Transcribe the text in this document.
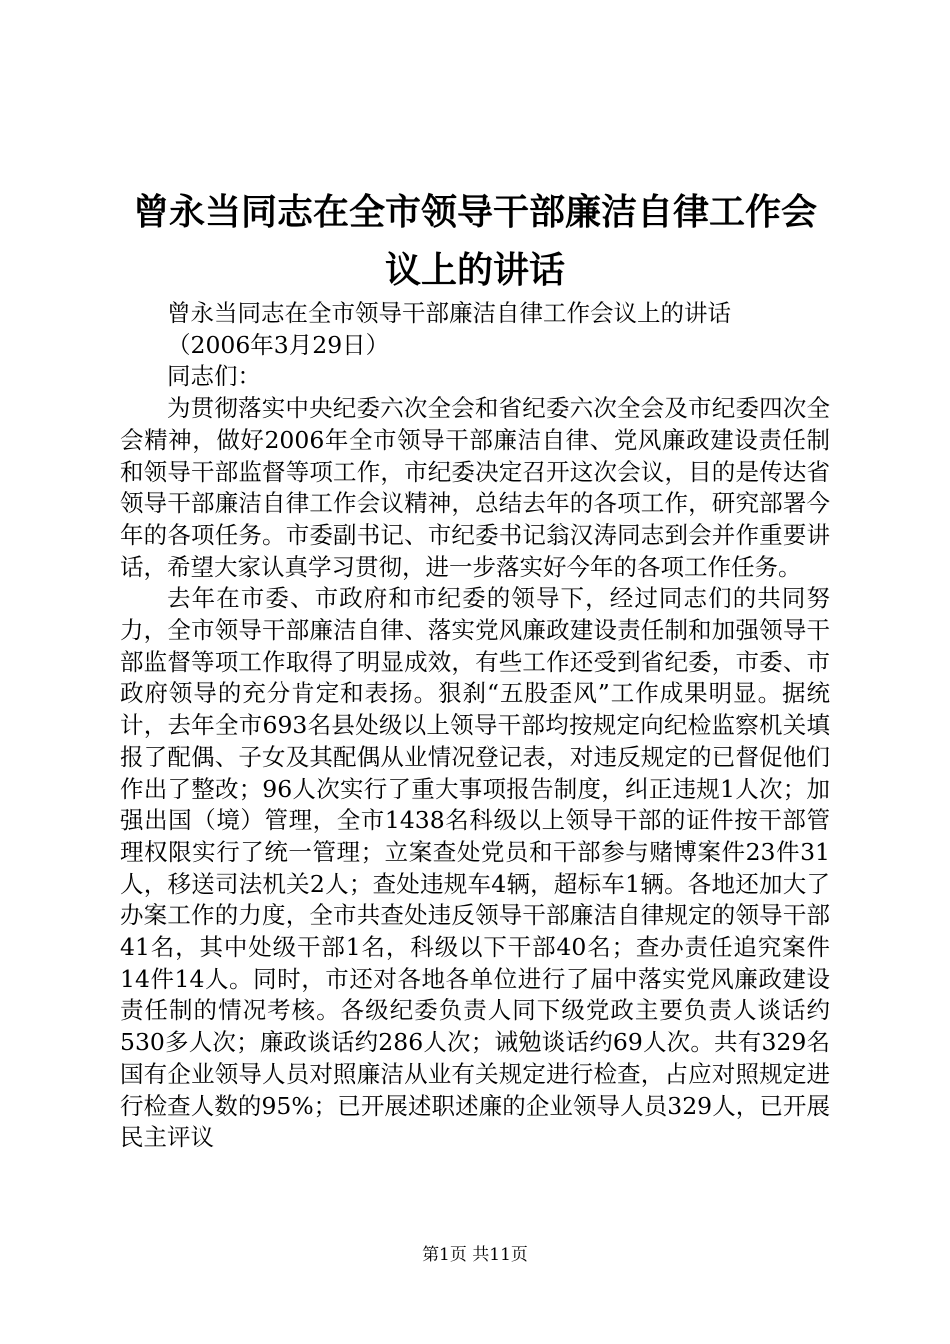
曾永当同志在全市领导干部廉洁自律工作会议上的讲话

曾永当同志在全市领导干部廉洁自律工作会议上的讲话

（2006年3月29日）

同志们：

为贯彻落实中央纪委六次全会和省纪委六次全会及市纪委四次全会精神，做好2006年全市领导干部廉洁自律、党风廉政建设责任制和领导干部监督等项工作，市纪委决定召开这次会议，目的是传达省领导干部廉洁自律工作会议精神，总结去年的各项工作，研究部署今年的各项任务。市委副书记、市纪委书记翁汉涛同志到会并作重要讲话，希望大家认真学习贯彻，进一步落实好今年的各项工作任务。

去年在市委、市政府和市纪委的领导下，经过同志们的共同努力，全市领导干部廉洁自律、落实党风廉政建设责任制和加强领导干部监督等项工作取得了明显成效，有些工作还受到省纪委，市委、市政府领导的充分肯定和表扬。狠刹“五股歪风”工作成果明显。据统计，去年全市693名县处级以上领导干部均按规定向纪检监察机关填报了配偶、子女及其配偶从业情况登记表，对违反规定的已督促他们作出了整改；96人次实行了重大事项报告制度，纠正违规1人次；加强出国（境）管理，全市1438名科级以上领导干部的证件按干部管理权限实行了统一管理；立案查处党员和干部参与赌博案件23件31人，移送司法机关2人；查处违规车4辆，超标车1辆。各地还加大了办案工作的力度，全市共查处违反领导干部廉洁自律规定的领导干部41名，其中处级干部1名，科级以下干部40名；查办责任追究案件14件14人。同时，市还对各地各单位进行了届中落实党风廉政建设责任制的情况考核。各级纪委负责人同下级党政主要负责人谈话约530多人次；廉政谈话约286人次；诫勉谈话约69人次。共有329名国有企业领导人员对照廉洁从业有关规定进行检查，占应对照规定进行检查人数的95%；已开展述职述廉的企业领导人员329人，已开展民主评议

第1页 共11页
